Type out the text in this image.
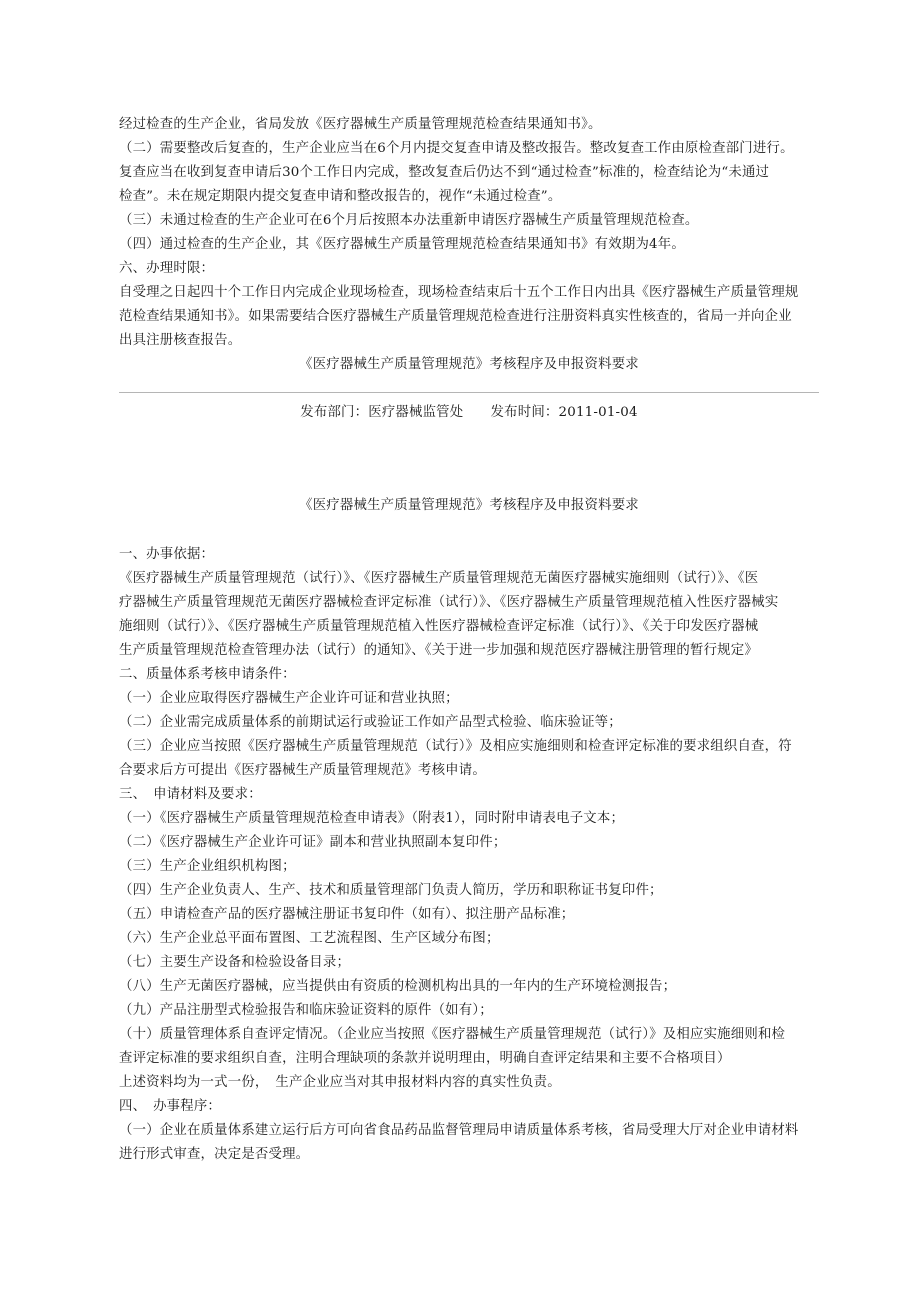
经过检查的生产企业，省局发放《医疗器械生产质量管理规范检查结果通知书》。
（二）需要整改后复查的，生产企业应当在6个月内提交复查申请及整改报告。整改复查工作由原检查部门进行。
复查应当在收到复查申请后30个工作日内完成，整改复查后仍达不到“通过检查”标准的，检查结论为“未通过
检查”。未在规定期限内提交复查申请和整改报告的，视作“未通过检查”。
（三）未通过检查的生产企业可在6个月后按照本办法重新申请医疗器械生产质量管理规范检查。
（四）通过检查的生产企业，其《医疗器械生产质量管理规范检查结果通知书》有效期为4年。
六、办理时限：
自受理之日起四十个工作日内完成企业现场检查，现场检查结束后十五个工作日内出具《医疗器械生产质量管理规
范检查结果通知书》。如果需要结合医疗器械生产质量管理规范检查进行注册资料真实性核查的，省局一并向企业
出具注册核查报告。
《医疗器械生产质量管理规范》考核程序及申报资料要求
发布部门：医疗器械监管处　　发布时间：2011-01-04
《医疗器械生产质量管理规范》考核程序及申报资料要求
一、办事依据：
《医疗器械生产质量管理规范（试行）》、《医疗器械生产质量管理规范无菌医疗器械实施细则（试行）》、《医
疗器械生产质量管理规范无菌医疗器械检查评定标准（试行）》、《医疗器械生产质量管理规范植入性医疗器械实
施细则（试行）》、《医疗器械生产质量管理规范植入性医疗器械检查评定标准（试行）》、《关于印发医疗器械
生产质量管理规范检查管理办法（试行）的通知》、《关于进一步加强和规范医疗器械注册管理的暂行规定》
二、质量体系考核申请条件：
（一）企业应取得医疗器械生产企业许可证和营业执照；
（二）企业需完成质量体系的前期试运行或验证工作如产品型式检验、临床验证等；
（三）企业应当按照《医疗器械生产质量管理规范（试行）》及相应实施细则和检查评定标准的要求组织自查，符
合要求后方可提出《医疗器械生产质量管理规范》考核申请。
三、　申请材料及要求：
（一）《医疗器械生产质量管理规范检查申请表》（附表1），同时附申请表电子文本；
（二）《医疗器械生产企业许可证》副本和营业执照副本复印件；
（三）生产企业组织机构图；
（四）生产企业负责人、生产、技术和质量管理部门负责人简历，学历和职称证书复印件；
（五）申请检查产品的医疗器械注册证书复印件（如有）、拟注册产品标准；
（六）生产企业总平面布置图、工艺流程图、生产区域分布图；
（七）主要生产设备和检验设备目录；
（八）生产无菌医疗器械，应当提供由有资质的检测机构出具的一年内的生产环境检测报告；
（九）产品注册型式检验报告和临床验证资料的原件（如有）；
（十）质量管理体系自查评定情况。（企业应当按照《医疗器械生产质量管理规范（试行）》及相应实施细则和检
查评定标准的要求组织自查，注明合理缺项的条款并说明理由，明确自查评定结果和主要不合格项目）
上述资料均为一式一份，　生产企业应当对其申报材料内容的真实性负责。
四、　办事程序：
（一）企业在质量体系建立运行后方可向省食品药品监督管理局申请质量体系考核，省局受理大厅对企业申请材料
进行形式审查，决定是否受理。
